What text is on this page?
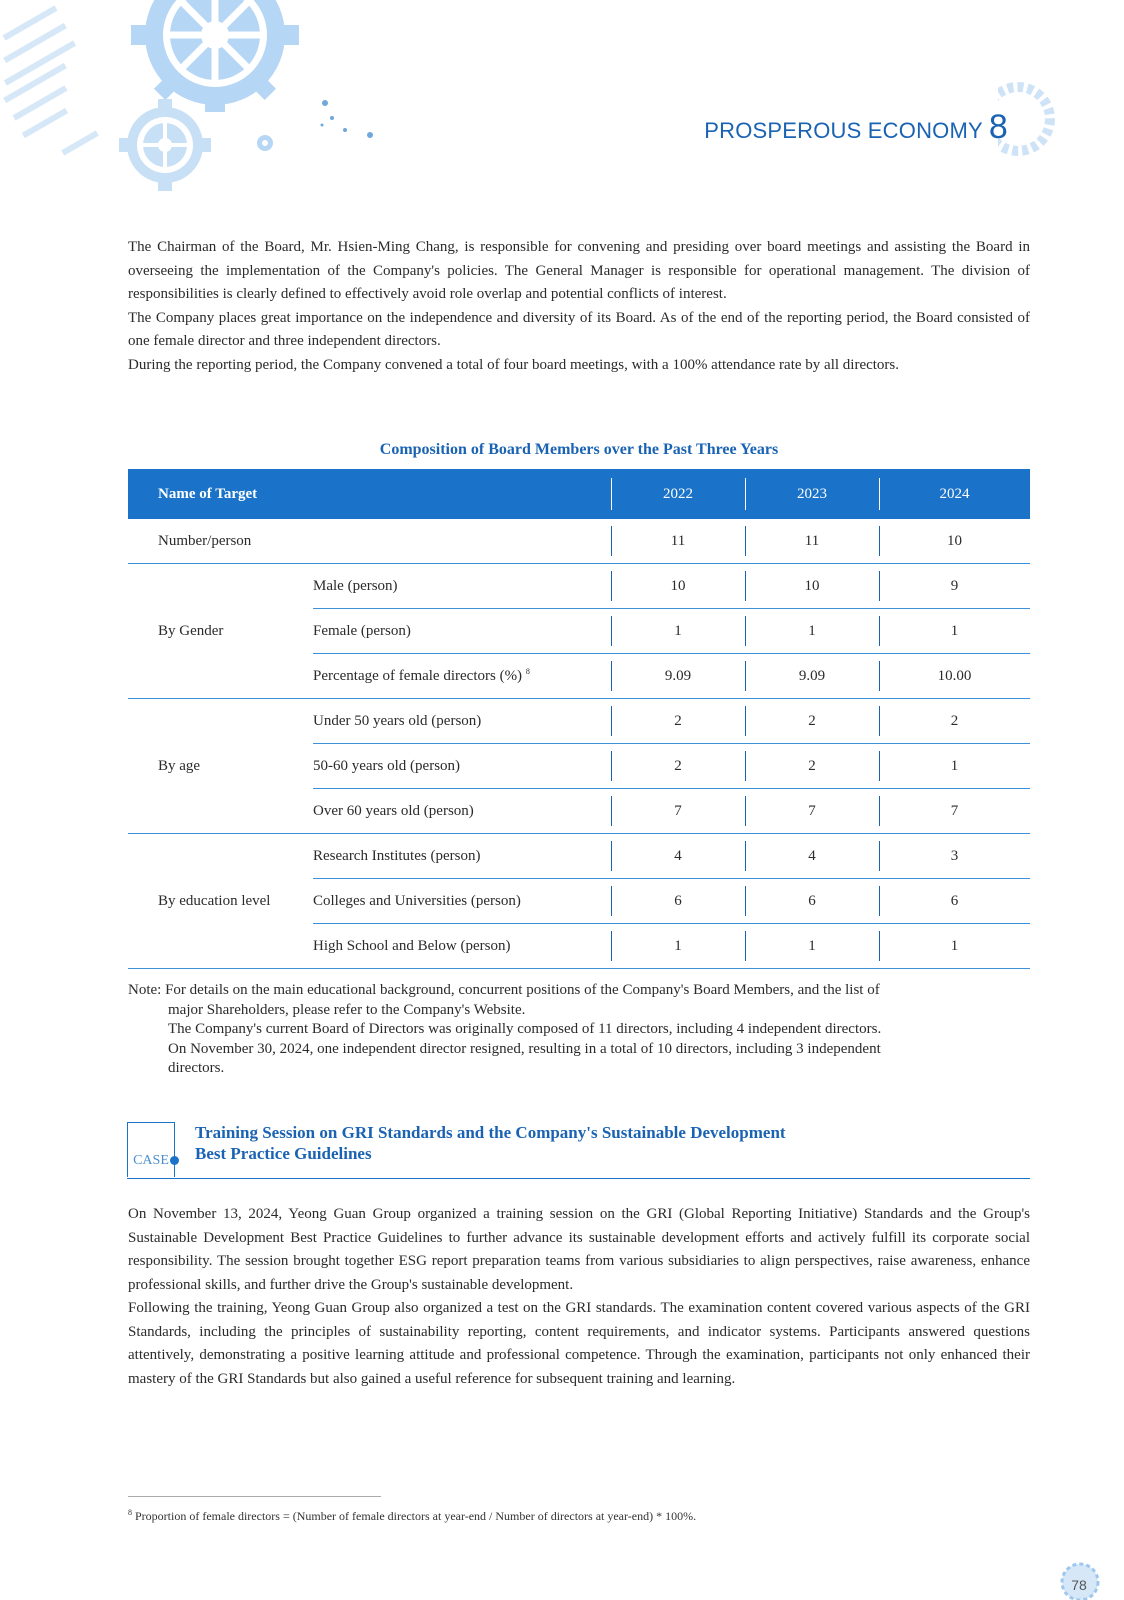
PROSPEROUS ECONOMY 8

The Chairman of the Board, Mr. Hsien-Ming Chang, is responsible for convening and presiding over board meetings and assisting the Board in overseeing the implementation of the Company's policies. The General Manager is responsible for operational management. The division of responsibilities is clearly defined to effectively avoid role overlap and potential conflicts of interest.

The Company places great importance on the independence and diversity of its Board. As of the end of the reporting period, the Board consisted of one female director and three independent directors.

During the reporting period, the Company convened a total of four board meetings, with a 100% attendance rate by all directors.

Composition of Board Members over the Past Three Years
Name of Target		2022	2023	2024
Number/person		11	11	10
By Gender	Male (person)	10	10	9
	Female (person)	1	1	1
	Percentage of female directors (%) $^8$	9.09	9.09	10.00
By age	Under 50 years old (person)	2	2	2
	50-60 years old (person)	2	2	1
	Over 60 years old (person)	7	7	7
By education level	Research Institutes (person)	4	4	3
	Colleges and Universities (person)	6	6	6
	High School and Below (person)	1	1	1
Note: For details on the main educational background, concurrent positions of the Company's Board Members, and the list of
major Shareholders, please refer to the Company's Website.
The Company's current Board of Directors was originally composed of 11 directors, including 4 independent directors.
On November 30, 2024, one independent director resigned, resulting in a total of 10 directors, including 3 independent
directors.
CASE
Training Session on GRI Standards and the Company's Sustainable Development
Best Practice Guidelines

On November 13, 2024, Yeong Guan Group organized a training session on the GRI (Global Reporting Initiative) Standards and the Group's Sustainable Development Best Practice Guidelines to further advance its sustainable development efforts and actively fulfill its corporate social responsibility. The session brought together ESG report preparation teams from various subsidiaries to align perspectives, raise awareness, enhance professional skills, and further drive the Group's sustainable development.

Following the training, Yeong Guan Group also organized a test on the GRI standards. The examination content covered various aspects of the GRI Standards, including the principles of sustainability reporting, content requirements, and indicator systems. Participants answered questions attentively, demonstrating a positive learning attitude and professional competence. Through the examination, participants not only enhanced their mastery of the GRI Standards but also gained a useful reference for subsequent training and learning.

$^8$ Proportion of female directors = (Number of female directors at year-end / Number of directors at year-end) * 100%.
78
